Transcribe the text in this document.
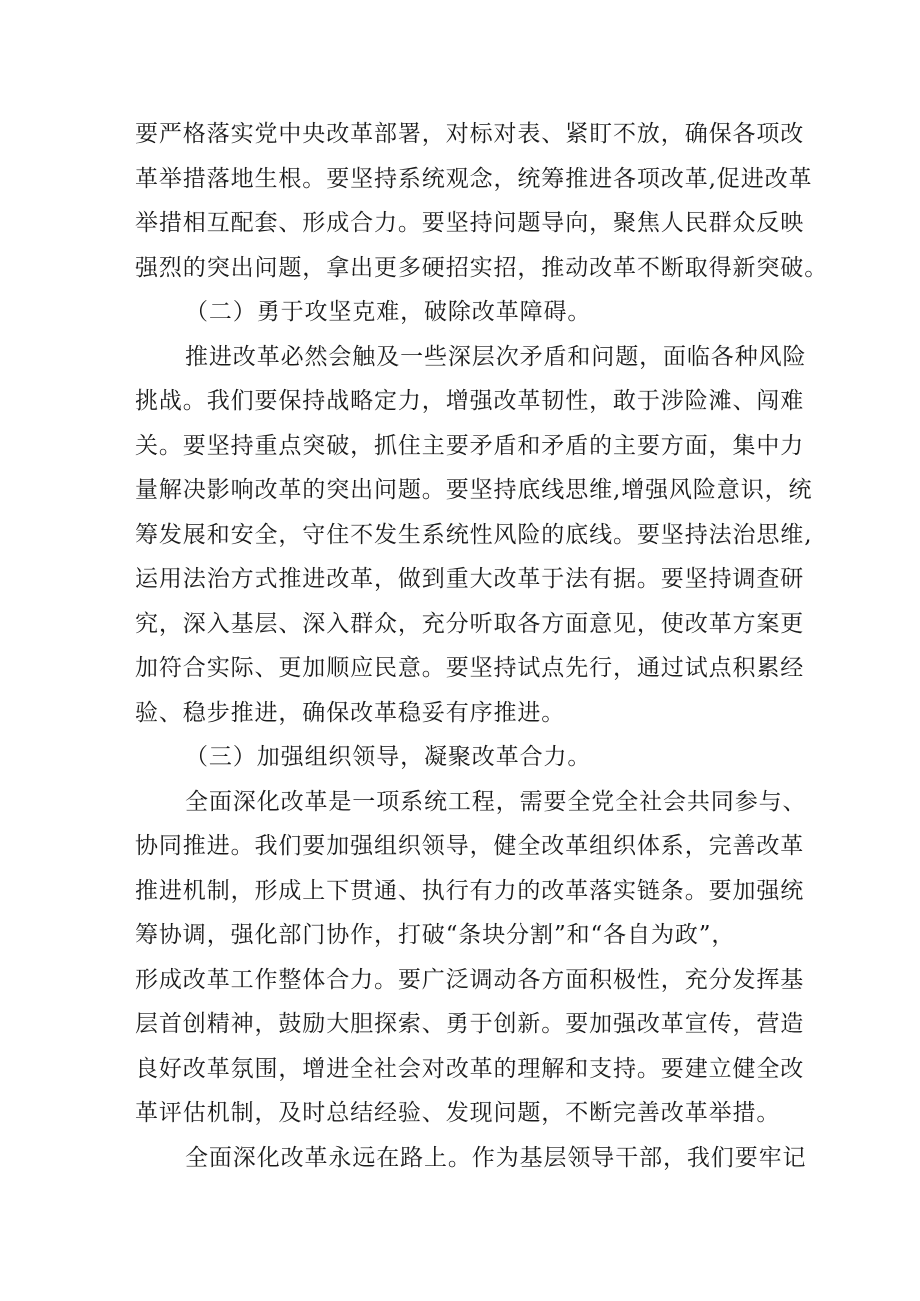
要严格落实党中央改革部署，对标对表、紧盯不放，确保各项改
革举措落地生根。要坚持系统观念，统筹推进各项改革,促进改革
举措相互配套、形成合力。要坚持问题导向，聚焦人民群众反映
强烈的突出问题，拿出更多硬招实招，推动改革不断取得新突破。
（二）勇于攻坚克难，破除改革障碍。
推进改革必然会触及一些深层次矛盾和问题，面临各种风险
挑战。我们要保持战略定力，增强改革韧性，敢于涉险滩、闯难
关。要坚持重点突破，抓住主要矛盾和矛盾的主要方面，集中力
量解决影响改革的突出问题。要坚持底线思维,增强风险意识，统
筹发展和安全，守住不发生系统性风险的底线。要坚持法治思维,
运用法治方式推进改革，做到重大改革于法有据。要坚持调查研
究，深入基层、深入群众，充分听取各方面意见，使改革方案更
加符合实际、更加顺应民意。要坚持试点先行，通过试点积累经
验、稳步推进，确保改革稳妥有序推进。
（三）加强组织领导，凝聚改革合力。
全面深化改革是一项系统工程，需要全党全社会共同参与、
协同推进。我们要加强组织领导，健全改革组织体系，完善改革
推进机制，形成上下贯通、执行有力的改革落实链条。要加强统
筹协调，强化部门协作，打破“条块分割”和“各自为政”，
形成改革工作整体合力。要广泛调动各方面积极性，充分发挥基
层首创精神，鼓励大胆探索、勇于创新。要加强改革宣传，营造
良好改革氛围，增进全社会对改革的理解和支持。要建立健全改
革评估机制，及时总结经验、发现问题，不断完善改革举措。
全面深化改革永远在路上。作为基层领导干部，我们要牢记
